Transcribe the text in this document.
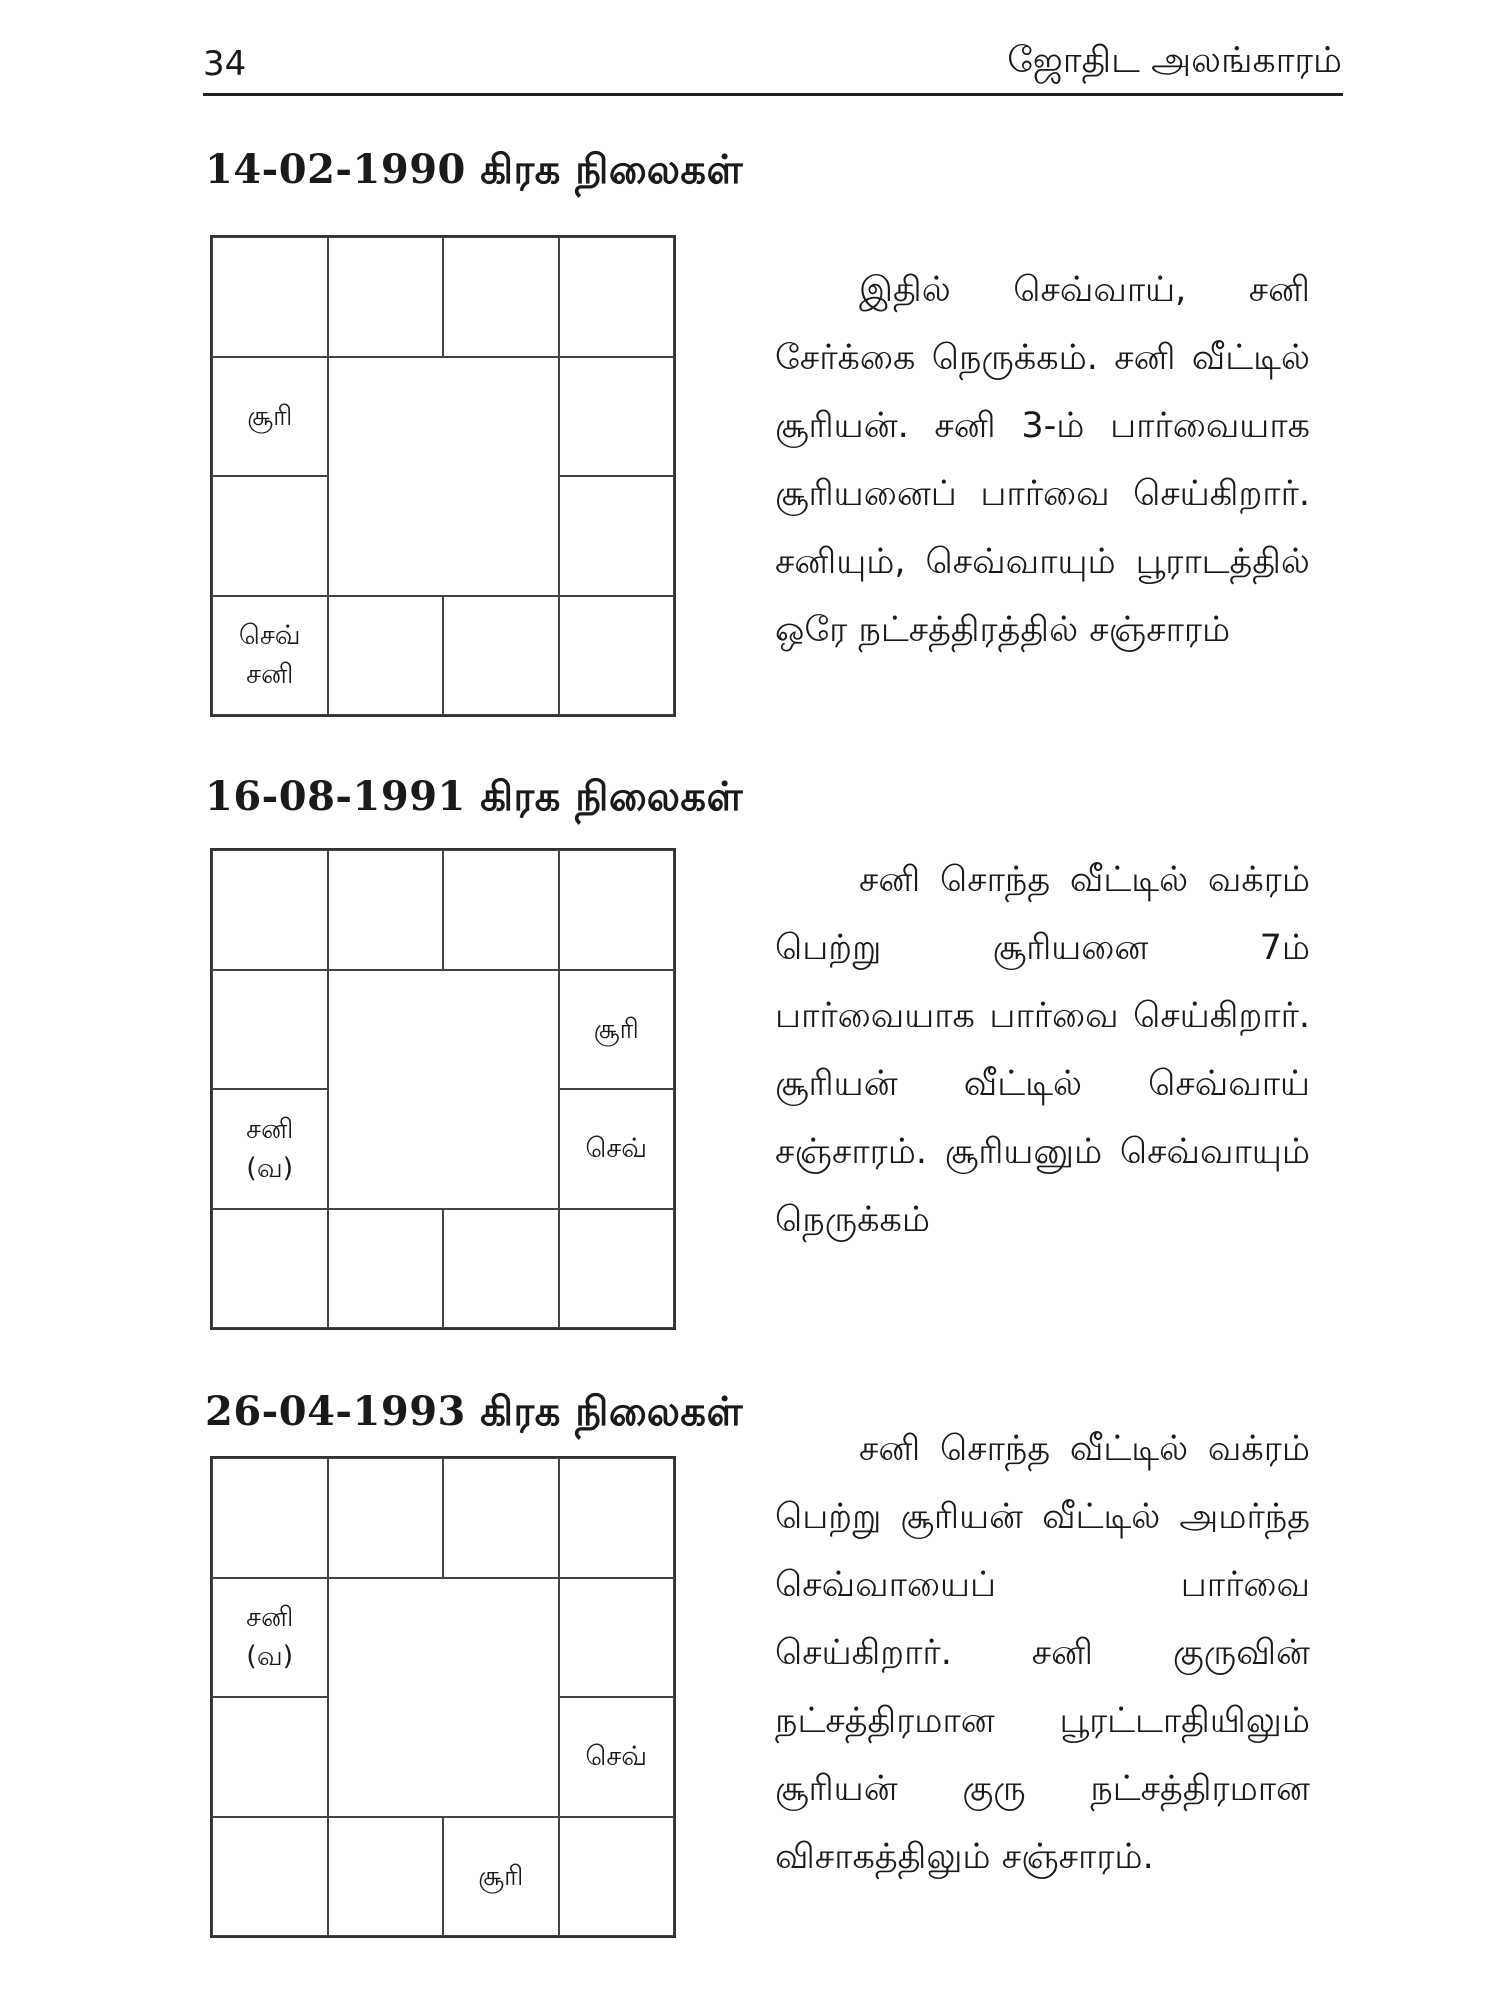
34	ஜோதிட அலங்காரம்
14-02-1990 கிரக நிலைகள்
சூரி
செவ்
சனி

இதில் செவ்வாய், சனி சேர்க்கை நெருக்கம். சனி வீட்டில் சூரியன். சனி 3-ம் பார்வையாக சூரியனைப் பார்வை செய்கிறார். சனியும், செவ்வாயும் பூராடத்தில் ஒரே நட்சத்திரத்தில் சஞ்சாரம்

16-08-1991 கிரக நிலைகள்
சூரி
சனி
(வ)
செவ்

சனி சொந்த வீட்டில் வக்ரம் பெற்று சூரியனை 7ம் பார்வையாக பார்வை செய்கிறார். சூரியன் வீட்டில் செவ்வாய் சஞ்சாரம். சூரியனும் செவ்வாயும் நெருக்கம்

26-04-1993 கிரக நிலைகள்
சனி
(வ)
செவ்
சூரி

சனி சொந்த வீட்டில் வக்ரம் பெற்று சூரியன் வீட்டில் அமர்ந்த செவ்வாயைப் பார்வை செய்கிறார். சனி குருவின் நட்சத்திரமான பூரட்டாதியிலும் சூரியன் குரு நட்சத்திரமான விசாகத்திலும் சஞ்சாரம்.
